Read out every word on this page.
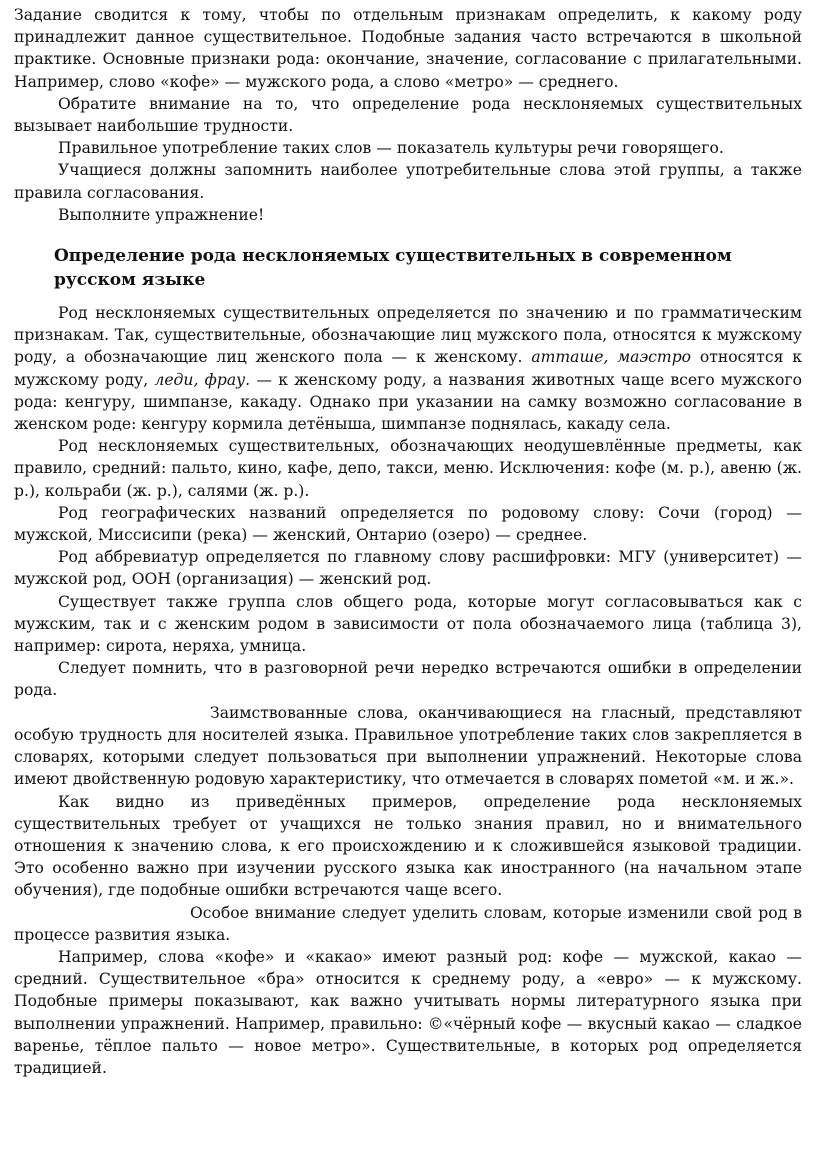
Задание сводится к тому, чтобы по отдельным признакам определить, к какому роду принадлежит данное существительное. Подобные задания часто встречаются в школьной практике. Основные признаки рода: окончание, значение, согласование с прилагательными. Например, слово «кофе» — мужского рода, а слово «метро» — среднего.

Обратите внимание на то, что определение рода несклоняемых существительных вызывает наибольшие трудности.

Правильное употребление таких слов — показатель культуры речи говорящего.

Учащиеся должны запомнить наиболее употребительные слова этой группы, а также правила согласования.

Выполните упражнение!

Определение рода несклоняемых существительных в современном русском языке

Род несклоняемых существительных определяется по значению и по грамматическим признакам. Так, существительные, обозначающие лиц мужского пола, относятся к мужскому роду, а обозначающие лиц женского пола — к женскому. атташе, маэстро относятся к мужскому роду, леди, фрау. — к женскому роду, а названия животных чаще всего мужского рода: кенгуру, шимпанзе, какаду. Однако при указании на самку возможно согласование в женском роде: кенгуру кормила детёныша, шимпанзе поднялась, какаду села.

Род несклоняемых существительных, обозначающих неодушевлённые предметы, как правило, средний: пальто, кино, кафе, депо, такси, меню. Исключения: кофе (м. р.), авеню (ж. р.), кольраби (ж. р.), салями (ж. р.).

Род географических названий определяется по родовому слову: Сочи (город) — мужской, Миссисипи (река) — женский, Онтарио (озеро) — среднее.

Род аббревиатур определяется по главному слову расшифровки: МГУ (университет) — мужской род, ООН (организация) — женский род.

Существует также группа слов общего рода, которые могут согласовываться как с мужским, так и с женским родом в зависимости от пола обозначаемого лица (таблица 3), например: сирота, неряха, умница.

Следует помнить, что в разговорной речи нередко встречаются ошибки в определении рода.

Заимствованные слова, оканчивающиеся на гласный, представляют особую трудность для носителей языка. Правильное употребление таких слов закрепляется в словарях, которыми следует пользоваться при выполнении упражнений. Некоторые слова имеют двойственную родовую характеристику, что отмечается в словарях пометой «м. и ж.».

Как видно из приведённых примеров, определение рода несклоняемых существительных требует от учащихся не только знания правил, но и внимательного отношения к значению слова, к его происхождению и к сложившейся языковой традиции. Это особенно важно при изучении русского языка как иностранного (на начальном этапе обучения), где подобные ошибки встречаются чаще всего.

Особое внимание следует уделить словам, которые изменили свой род в процессе развития языка.

Например, слова «кофе» и «какао» имеют разный род: кофе — мужской, какао — средний. Существительное «бра» относится к среднему роду, а «евро» — к мужскому. Подобные примеры показывают, как важно учитывать нормы литературного языка при выполнении упражнений. Например, правильно: ©«чёрный кофе — вкусный какао — сладкое варенье, тёплое пальто — новое метро». Существительные, в которых род определяется традицией.
